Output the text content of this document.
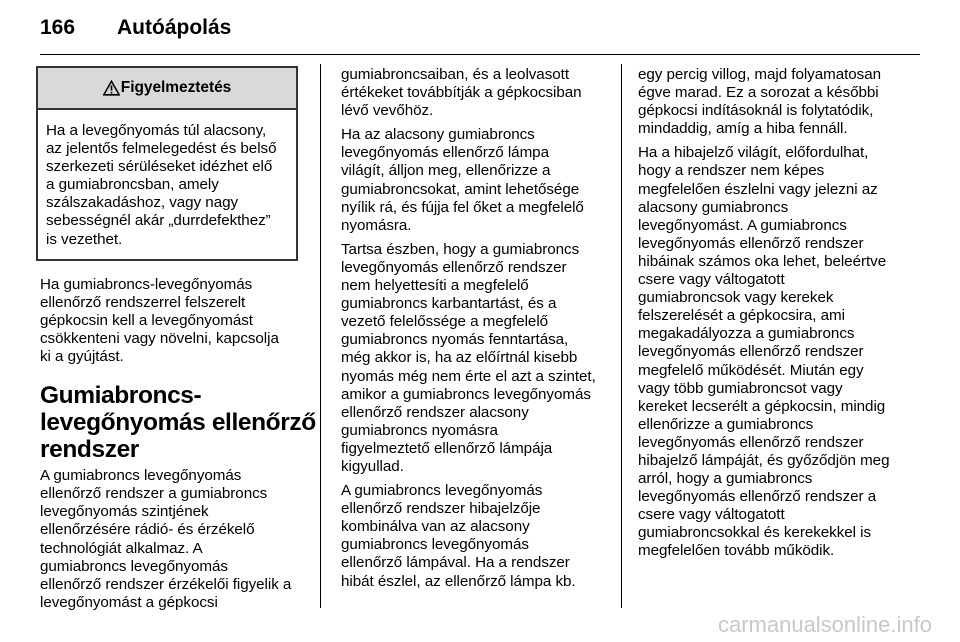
166 Autóápolás
Figyelmeztetés
Ha a levegőnyomás túl alacsony,
az jelentős felmelegedést és belső
szerkezeti sérüléseket idézhet elő
a gumiabroncsban, amely
szálszakadáshoz, vagy nagy
sebességnél akár „durrdefekthez”
is vezethet.

Ha gumiabroncs-levegőnyomás
ellenőrző rendszerrel felszerelt
gépkocsin kell a levegőnyomást
csökkenteni vagy növelni, kapcsolja
ki a gyújtást.

Gumiabroncs-
levegőnyomás ellenőrző
rendszer

A gumiabroncs levegőnyomás
ellenőrző rendszer a gumiabroncs
levegőnyomás szintjének
ellenőrzésére rádió- és érzékelő
technológiát alkalmaz. A
gumiabroncs levegőnyomás
ellenőrző rendszer érzékelői figyelik a
levegőnyomást a gépkocsi

gumiabroncsaiban, és a leolvasott
értékeket továbbítják a gépkocsiban
lévő vevőhöz.

Ha az alacsony gumiabroncs
levegőnyomás ellenőrző lámpa
világít, álljon meg, ellenőrizze a
gumiabroncsokat, amint lehetősége
nyílik rá, és fújja fel őket a megfelelő
nyomásra.

Tartsa észben, hogy a gumiabroncs
levegőnyomás ellenőrző rendszer
nem helyettesíti a megfelelő
gumiabroncs karbantartást, és a
vezető felelőssége a megfelelő
gumiabroncs nyomás fenntartása,
még akkor is, ha az előírtnál kisebb
nyomás még nem érte el azt a szintet,
amikor a gumiabroncs levegőnyomás
ellenőrző rendszer alacsony
gumiabroncs nyomásra
figyelmeztető ellenőrző lámpája
kigyullad.

A gumiabroncs levegőnyomás
ellenőrző rendszer hibajelzője
kombinálva van az alacsony
gumiabroncs levegőnyomás
ellenőrző lámpával. Ha a rendszer
hibát észlel, az ellenőrző lámpa kb.

egy percig villog, majd folyamatosan
égve marad. Ez a sorozat a későbbi
gépkocsi indításoknál is folytatódik,
mindaddig, amíg a hiba fennáll.

Ha a hibajelző világít, előfordulhat,
hogy a rendszer nem képes
megfelelően észlelni vagy jelezni az
alacsony gumiabroncs
levegőnyomást. A gumiabroncs
levegőnyomás ellenőrző rendszer
hibáinak számos oka lehet, beleértve
csere vagy váltogatott
gumiabroncsok vagy kerekek
felszerelését a gépkocsira, ami
megakadályozza a gumiabroncs
levegőnyomás ellenőrző rendszer
megfelelő működését. Miután egy
vagy több gumiabroncsot vagy
kereket lecserélt a gépkocsin, mindig
ellenőrizze a gumiabroncs
levegőnyomás ellenőrző rendszer
hibajelző lámpáját, és győződjön meg
arról, hogy a gumiabroncs
levegőnyomás ellenőrző rendszer a
csere vagy váltogatott
gumiabroncsokkal és kerekekkel is
megfelelően tovább működik.

carmanualsonline.info
